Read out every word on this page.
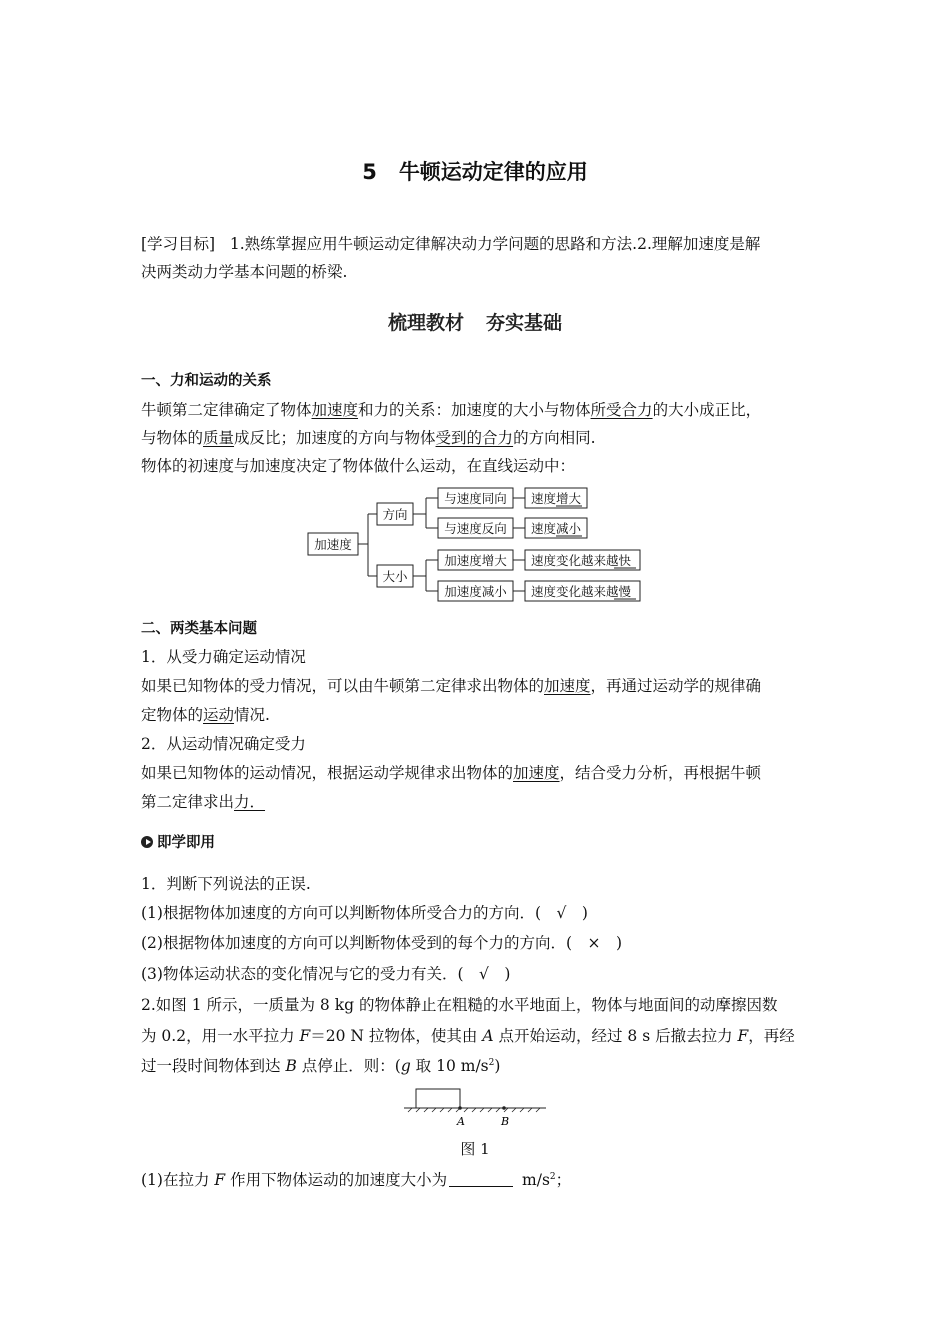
5 牛顿运动定律的应用
[学习目标] 1.熟练掌握应用牛顿运动定律解决动力学问题的思路和方法.2.理解加速度是解
决两类动力学基本问题的桥梁.
梳理教材 夯实基础
一、力和运动的关系
牛顿第二定律确定了物体加速度和力的关系：加速度的大小与物体所受合力的大小成正比，
与物体的质量成反比；加速度的方向与物体受到的合力的方向相同.
物体的初速度与加速度决定了物体做什么运动，在直线运动中：
加速度
方向
大小
与速度同向
与速度反向
加速度增大
加速度减小
速度增大
速度减小
速度变化越来越快
速度变化越来越慢
二、两类基本问题
1．从受力确定运动情况
如果已知物体的受力情况，可以由牛顿第二定律求出物体的加速度，再通过运动学的规律确
定物体的运动情况.
2．从运动情况确定受力
如果已知物体的运动情况，根据运动学规律求出物体的加速度，结合受力分析，再根据牛顿
第二定律求出力．
即学即用
1．判断下列说法的正误.
(1)根据物体加速度的方向可以判断物体所受合力的方向．(　√　)
(2)根据物体加速度的方向可以判断物体受到的每个力的方向．(　×　)
(3)物体运动状态的变化情况与它的受力有关．(　√　)
2.如图 1 所示，一质量为 8 kg 的物体静止在粗糙的水平地面上，物体与地面间的动摩擦因数
为 0.2，用一水平拉力 F＝20 N 拉物体，使其由 A 点开始运动，经过 8 s 后撤去拉力 F，再经
过一段时间物体到达 B 点停止．则：(g 取 10 $m/s^2$)
A	B
图 1
(1)在拉力 F 作用下物体运动的加速度大小为	$m/s^2$；
